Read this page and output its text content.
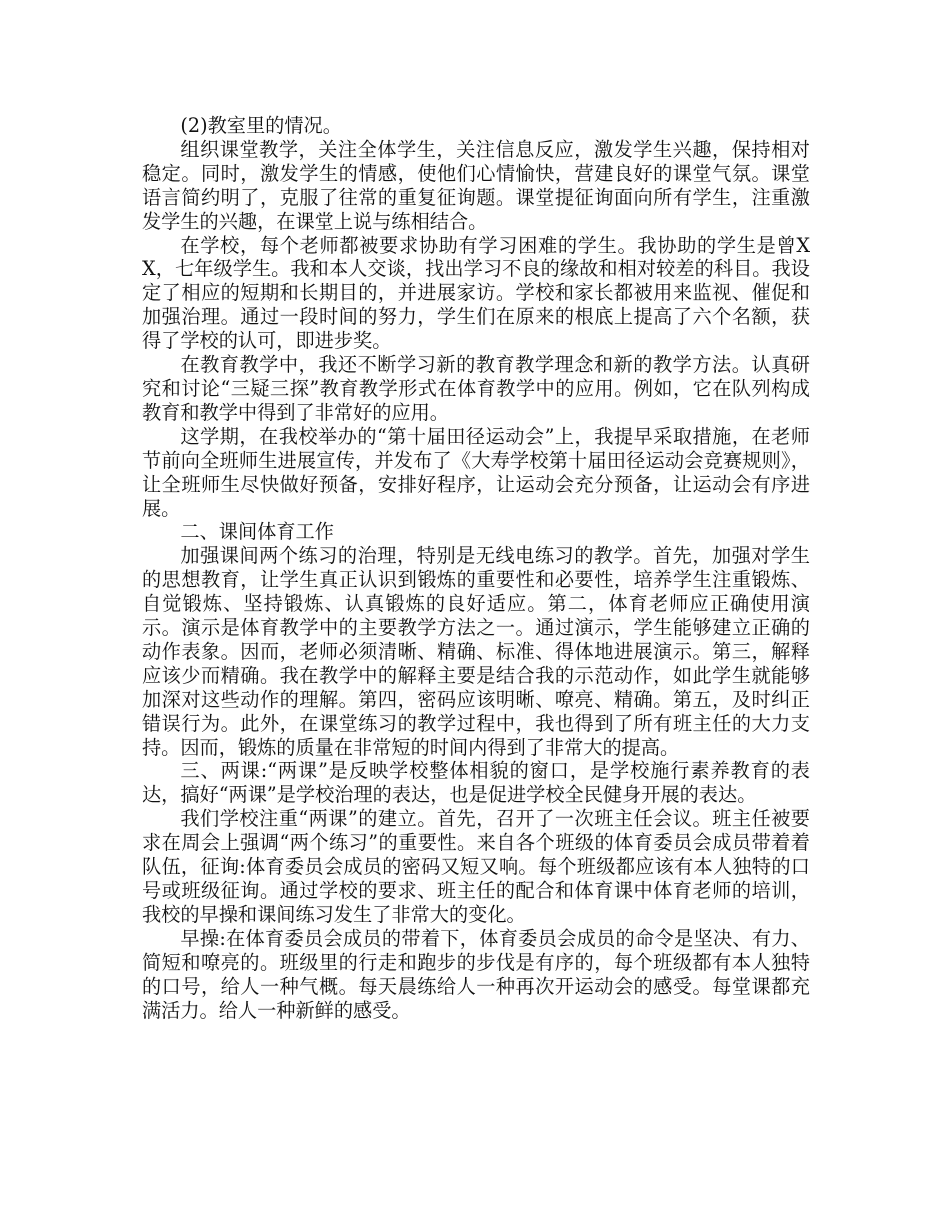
(2)教室里的情况。

组织课堂教学，关注全体学生，关注信息反应，激发学生兴趣，保持相对稳定。同时，激发学生的情感，使他们心情愉快，营建良好的课堂气氛。课堂语言简约明了，克服了往常的重复征询题。课堂提征询面向所有学生，注重激发学生的兴趣，在课堂上说与练相结合。

在学校，每个老师都被要求协助有学习困难的学生。我协助的学生是曾XX，七年级学生。我和本人交谈，找出学习不良的缘故和相对较差的科目。我设定了相应的短期和长期目的，并进展家访。学校和家长都被用来监视、催促和加强治理。通过一段时间的努力，学生们在原来的根底上提高了六个名额，获得了学校的认可，即进步奖。

在教育教学中，我还不断学习新的教育教学理念和新的教学方法。认真研究和讨论“三疑三探”教育教学形式在体育教学中的应用。例如，它在队列构成教育和教学中得到了非常好的应用。

这学期，在我校举办的“第十届田径运动会”上，我提早采取措施，在老师节前向全班师生进展宣传，并发布了《大寿学校第十届田径运动会竞赛规则》，让全班师生尽快做好预备，安排好程序，让运动会充分预备，让运动会有序进展。

二、课间体育工作

加强课间两个练习的治理，特别是无线电练习的教学。首先，加强对学生的思想教育，让学生真正认识到锻炼的重要性和必要性，培养学生注重锻炼、自觉锻炼、坚持锻炼、认真锻炼的良好适应。第二，体育老师应正确使用演示。演示是体育教学中的主要教学方法之一。通过演示，学生能够建立正确的动作表象。因而，老师必须清晰、精确、标准、得体地进展演示。第三，解释应该少而精确。我在教学中的解释主要是结合我的示范动作，如此学生就能够加深对这些动作的理解。第四，密码应该明晰、嘹亮、精确。第五，及时纠正错误行为。此外，在课堂练习的教学过程中，我也得到了所有班主任的大力支持。因而，锻炼的质量在非常短的时间内得到了非常大的提高。

三、两课:“两课”是反映学校整体相貌的窗口，是学校施行素养教育的表达，搞好“两课”是学校治理的表达，也是促进学校全民健身开展的表达。

我们学校注重“两课”的建立。首先，召开了一次班主任会议。班主任被要求在周会上强调“两个练习”的重要性。来自各个班级的体育委员会成员带着着队伍，征询:体育委员会成员的密码又短又响。每个班级都应该有本人独特的口号或班级征询。通过学校的要求、班主任的配合和体育课中体育老师的培训，我校的早操和课间练习发生了非常大的变化。

早操:在体育委员会成员的带着下，体育委员会成员的命令是坚决、有力、简短和嘹亮的。班级里的行走和跑步的步伐是有序的，每个班级都有本人独特的口号，给人一种气概。每天晨练给人一种再次开运动会的感受。每堂课都充满活力。给人一种新鲜的感受。
